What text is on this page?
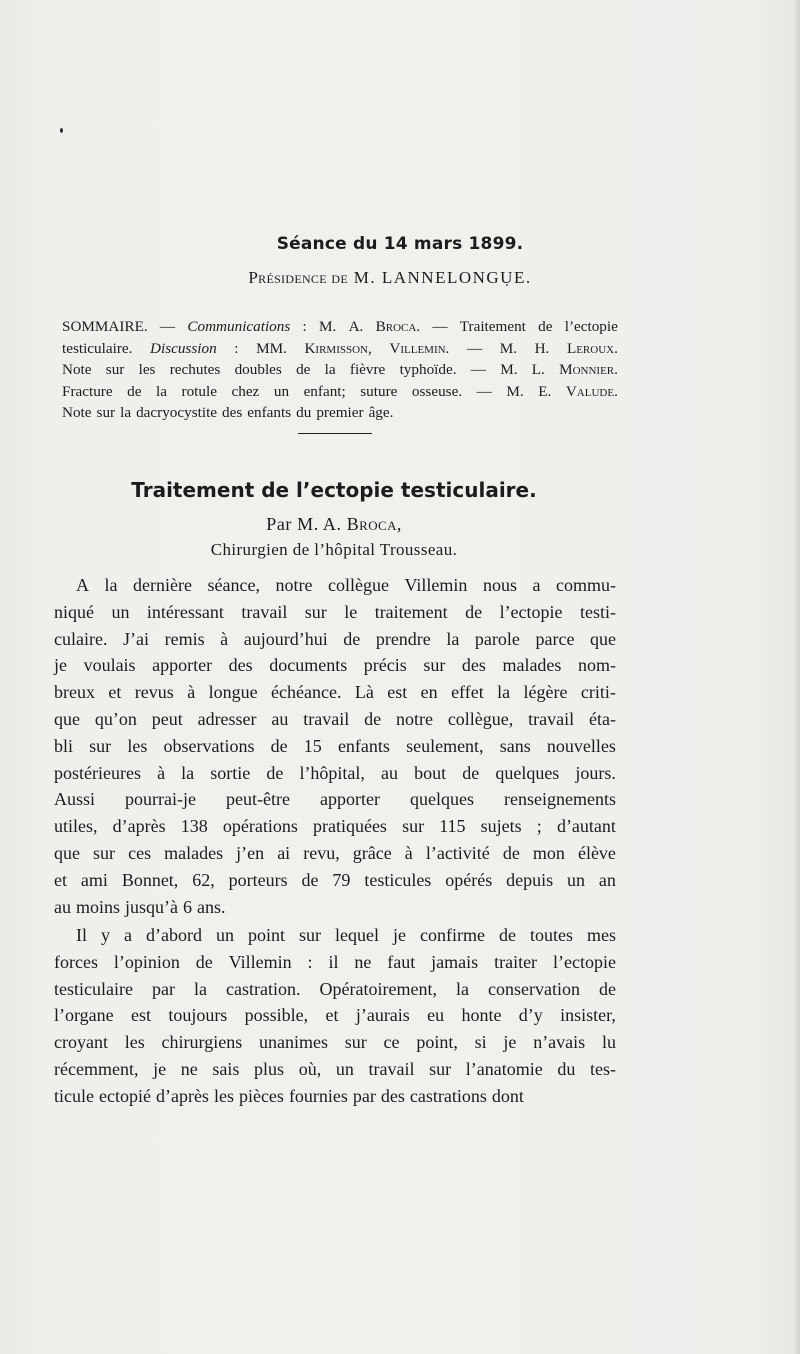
Séance du 14 mars 1899.
Présidence de M. LANNELONGUE.
SOMMAIRE. — Communications : M. A. Broca. — Traitement de l’ectopie
testiculaire. Discussion : MM. Kirmisson, Villemin. — M. H. Leroux.
Note sur les rechutes doubles de la fièvre typhoïde. — M. L. Monnier.
Fracture de la rotule chez un enfant; suture osseuse. — M. E. Valude.
Note sur la dacryocystite des enfants du premier âge.
Traitement de l’ectopie testiculaire.
Par M. A. Broca,
Chirurgien de l’hôpital Trousseau.
A la dernière séance, notre collègue Villemin nous a commu-
niqué un intéressant travail sur le traitement de l’ectopie testi-
culaire. J’ai remis à aujourd’hui de prendre la parole parce que
je voulais apporter des documents précis sur des malades nom-
breux et revus à longue échéance. Là est en effet la légère criti-
que qu’on peut adresser au travail de notre collègue, travail éta-
bli sur les observations de 15 enfants seulement, sans nouvelles
postérieures à la sortie de l’hôpital, au bout de quelques jours.
Aussi pourrai-je peut-être apporter quelques renseignements
utiles, d’après 138 opérations pratiquées sur 115 sujets ; d’autant
que sur ces malades j’en ai revu, grâce à l’activité de mon élève
et ami Bonnet, 62, porteurs de 79 testicules opérés depuis un an
au moins jusqu’à 6 ans.
Il y a d’abord un point sur lequel je confirme de toutes mes
forces l’opinion de Villemin : il ne faut jamais traiter l’ectopie
testiculaire par la castration. Opératoirement, la conservation de
l’organe est toujours possible, et j’aurais eu honte d’y insister,
croyant les chirurgiens unanimes sur ce point, si je n’avais lu
récemment, je ne sais plus où, un travail sur l’anatomie du tes-
ticule ectopié d’après les pièces fournies par des castrations dont
